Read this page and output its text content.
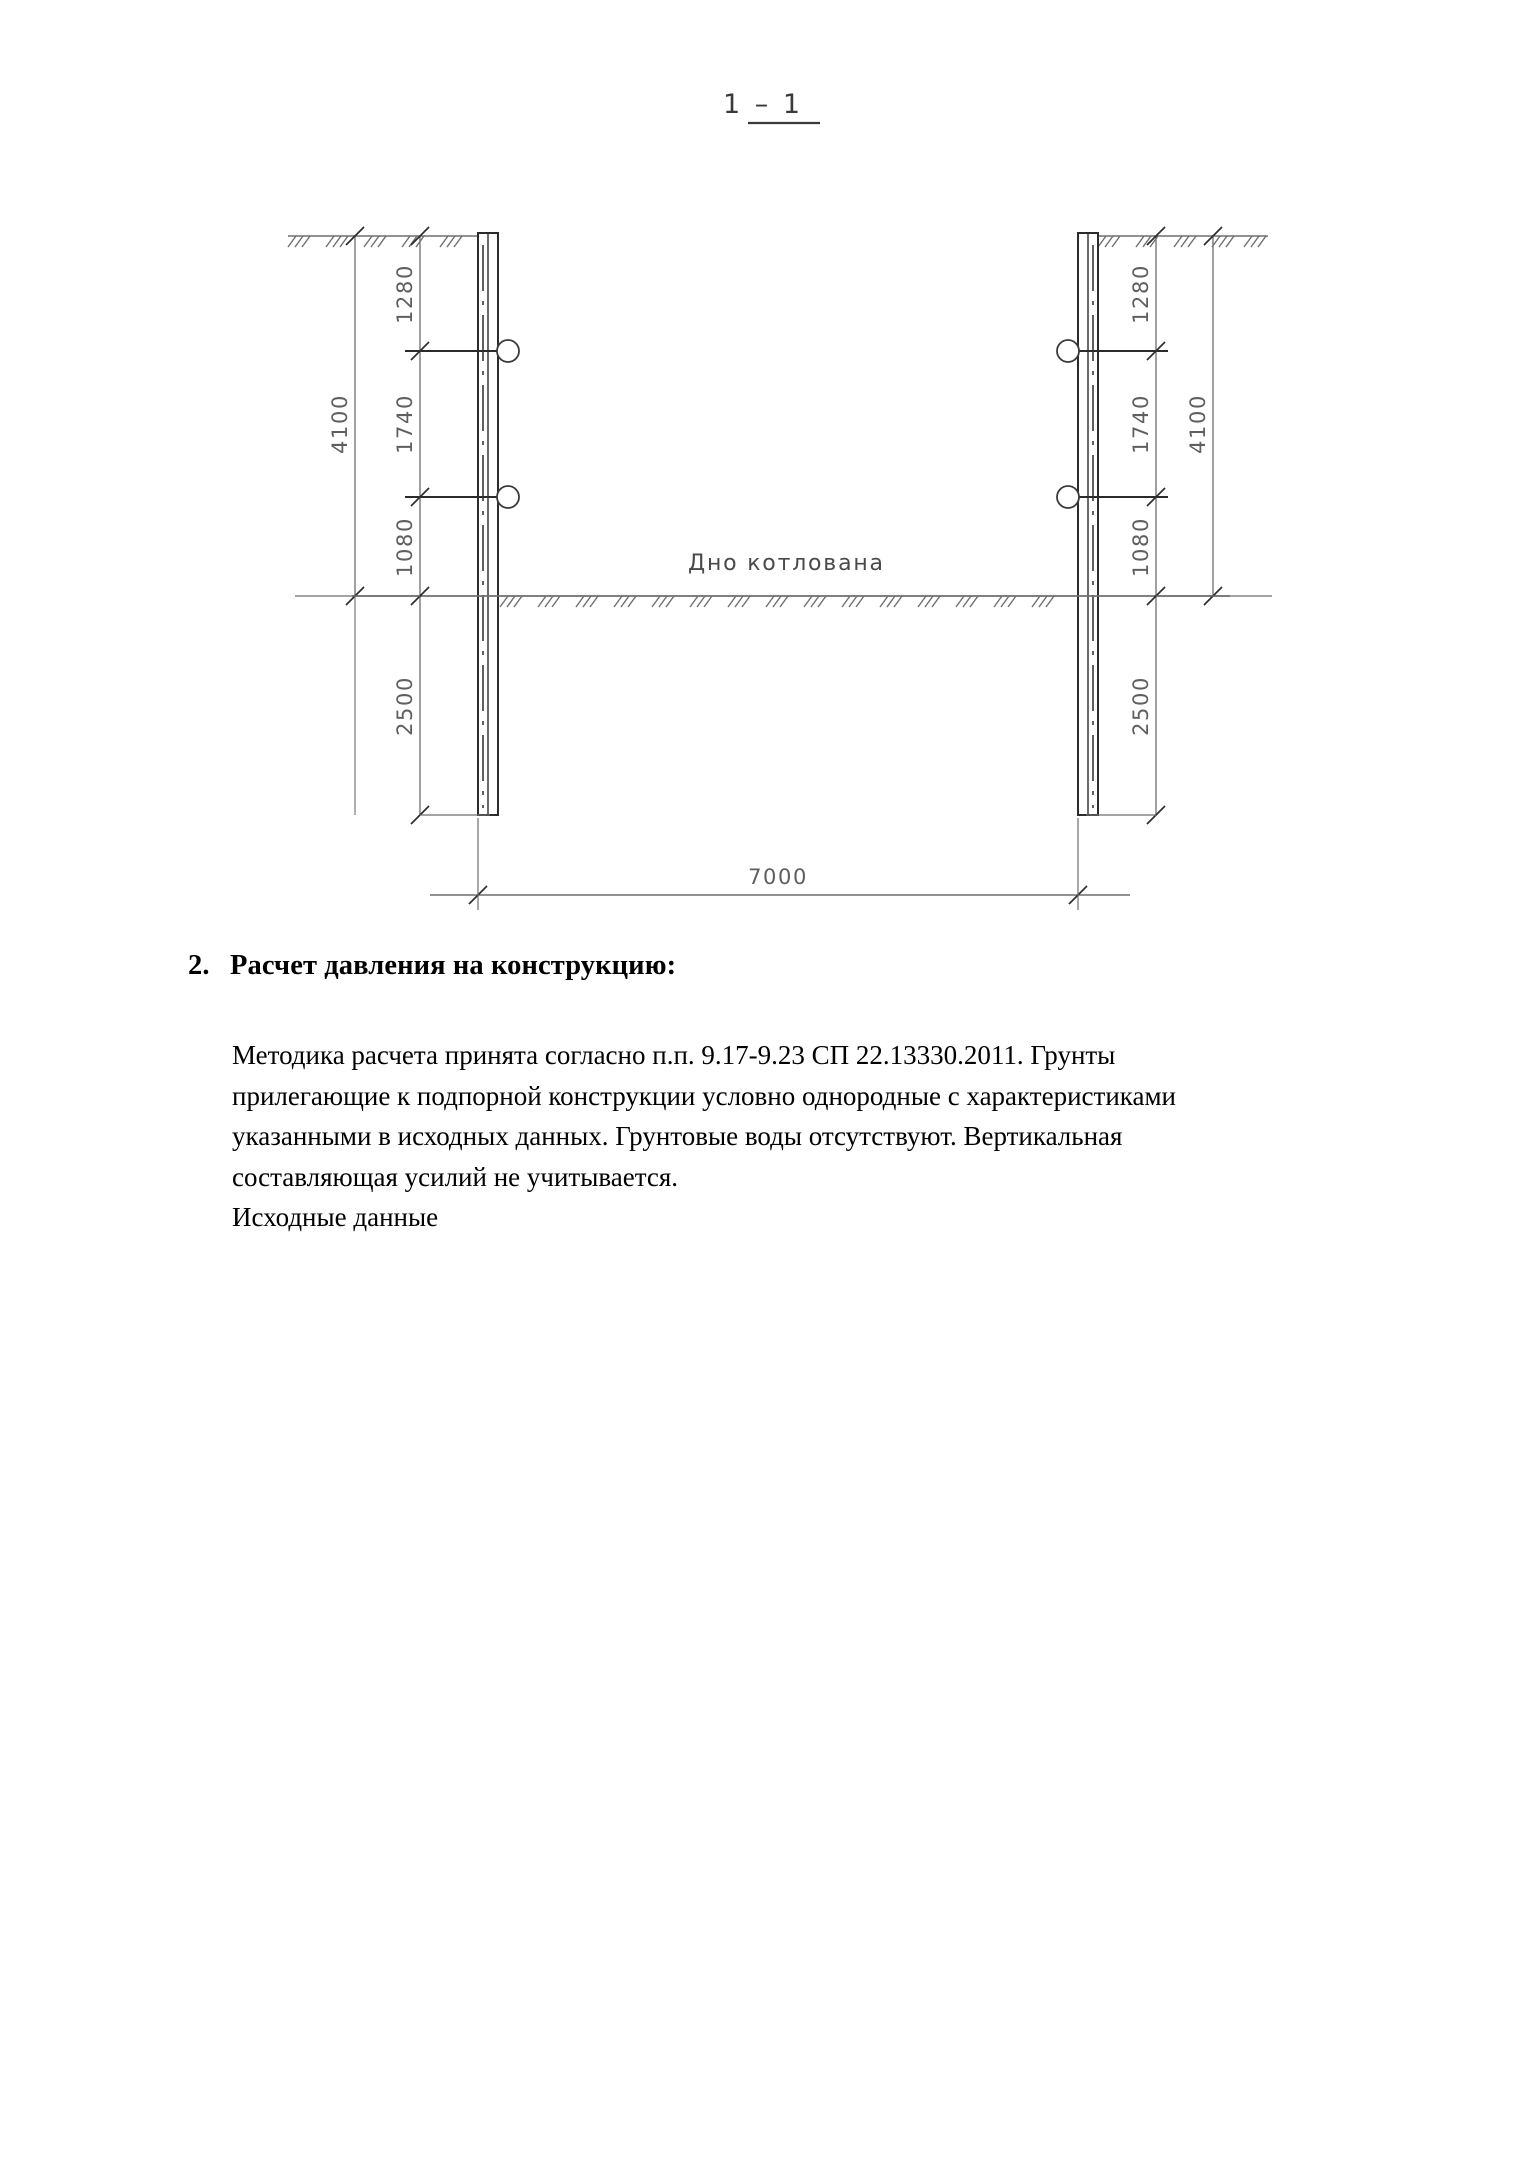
1 – 1
Дно котлована
1280
1740
1080
2500
4100
1280
1740
1080
2500
4100
7000
2. Расчет давления на конструкцию:

Методика расчета принята согласно п.п. 9.17-9.23 СП 22.13330.2011. Грунты
прилегающие к подпорной конструкции условно однородные с характеристиками
указанными в исходных данных. Грунтовые воды отсутствуют. Вертикальная
составляющая усилий не учитывается.
Исходные данные
